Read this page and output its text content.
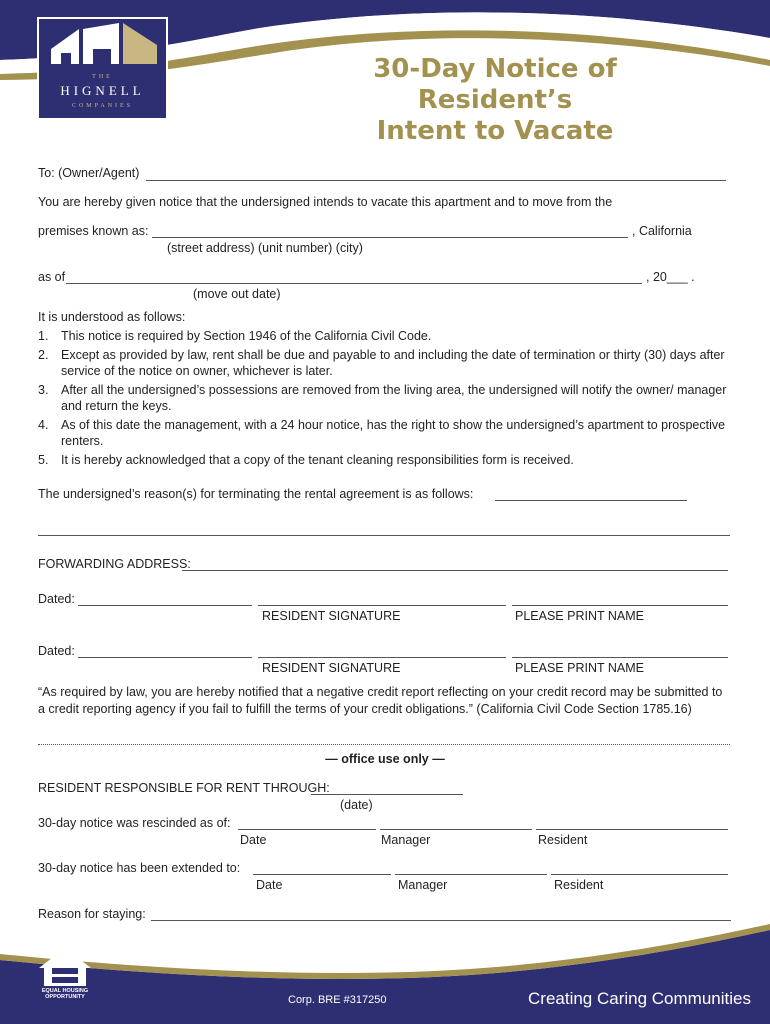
THE
HIGNELL
COMPANIES
30-Day Notice of Resident’s
Intent to Vacate
To: (Owner/Agent)
You are hereby given notice that the undersigned intends to vacate this apartment and to move from the
premises known as:	, California
(street address) (unit number) (city)
as of	, 20___ .
(move out date)
It is understood as follows:
1. This notice is required by Section 1946 of the California Civil Code.
2. Except as provided by law, rent shall be due and payable to and including the date of termination or thirty (30) days after service of the notice on owner, whichever is later.
3. After all the undersigned’s possessions are removed from the living area, the undersigned will notify the owner/ manager and return the keys.
4. As of this date the management, with a 24 hour notice, has the right to show the undersigned’s apartment to prospective renters.
5. It is hereby acknowledged that a copy of the tenant cleaning responsibilities form is received.
The undersigned’s reason(s) for terminating the rental agreement is as follows:
FORWARDING ADDRESS:
Dated:
RESIDENT SIGNATURE	PLEASE PRINT NAME
Dated:
RESIDENT SIGNATURE	PLEASE PRINT NAME
“As required by law, you are hereby notified that a negative credit report reflecting on your credit record may be submitted to a credit reporting agency if you fail to fulfill the terms of your credit obligations.” (California Civil Code Section 1785.16)
— office use only —
RESIDENT RESPONSIBLE FOR RENT THROUGH:
(date)
30-day notice was rescinded as of:
Date	Manager	Resident
30-day notice has been extended to:
Date	Manager	Resident
Reason for staying:
EQUAL HOUSING OPPORTUNITY	Corp. BRE #317250	Creating Caring Communities
